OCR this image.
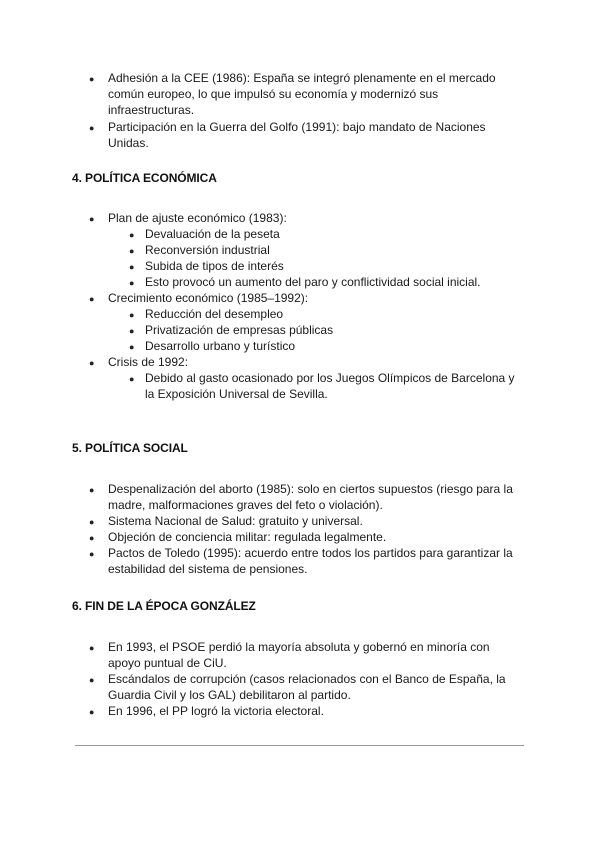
● Adhesión a la CEE (1986): España se integró plenamente en el mercado común europeo, lo que impulsó su economía y modernizó sus infraestructuras.
● Participación en la Guerra del Golfo (1991): bajo mandato de Naciones Unidas.
4. POLÍTICA ECONÓMICA
● Plan de ajuste económico (1983):
● Devaluación de la peseta
● Reconversión industrial
● Subida de tipos de interés
● Esto provocó un aumento del paro y conflictividad social inicial.
● Crecimiento económico (1985–1992):
● Reducción del desempleo
● Privatización de empresas públicas
● Desarrollo urbano y turístico
● Crisis de 1992:
● Debido al gasto ocasionado por los Juegos Olímpicos de Barcelona y la Exposición Universal de Sevilla.
5. POLÍTICA SOCIAL
● Despenalización del aborto (1985): solo en ciertos supuestos (riesgo para la madre, malformaciones graves del feto o violación).
● Sistema Nacional de Salud: gratuito y universal.
● Objeción de conciencia militar: regulada legalmente.
● Pactos de Toledo (1995): acuerdo entre todos los partidos para garantizar la estabilidad del sistema de pensiones.
6. FIN DE LA ÉPOCA GONZÁLEZ
● En 1993, el PSOE perdió la mayoría absoluta y gobernó en minoría con apoyo puntual de CiU.
● Escándalos de corrupción (casos relacionados con el Banco de España, la Guardia Civil y los GAL) debilitaron al partido.
● En 1996, el PP logró la victoria electoral.
